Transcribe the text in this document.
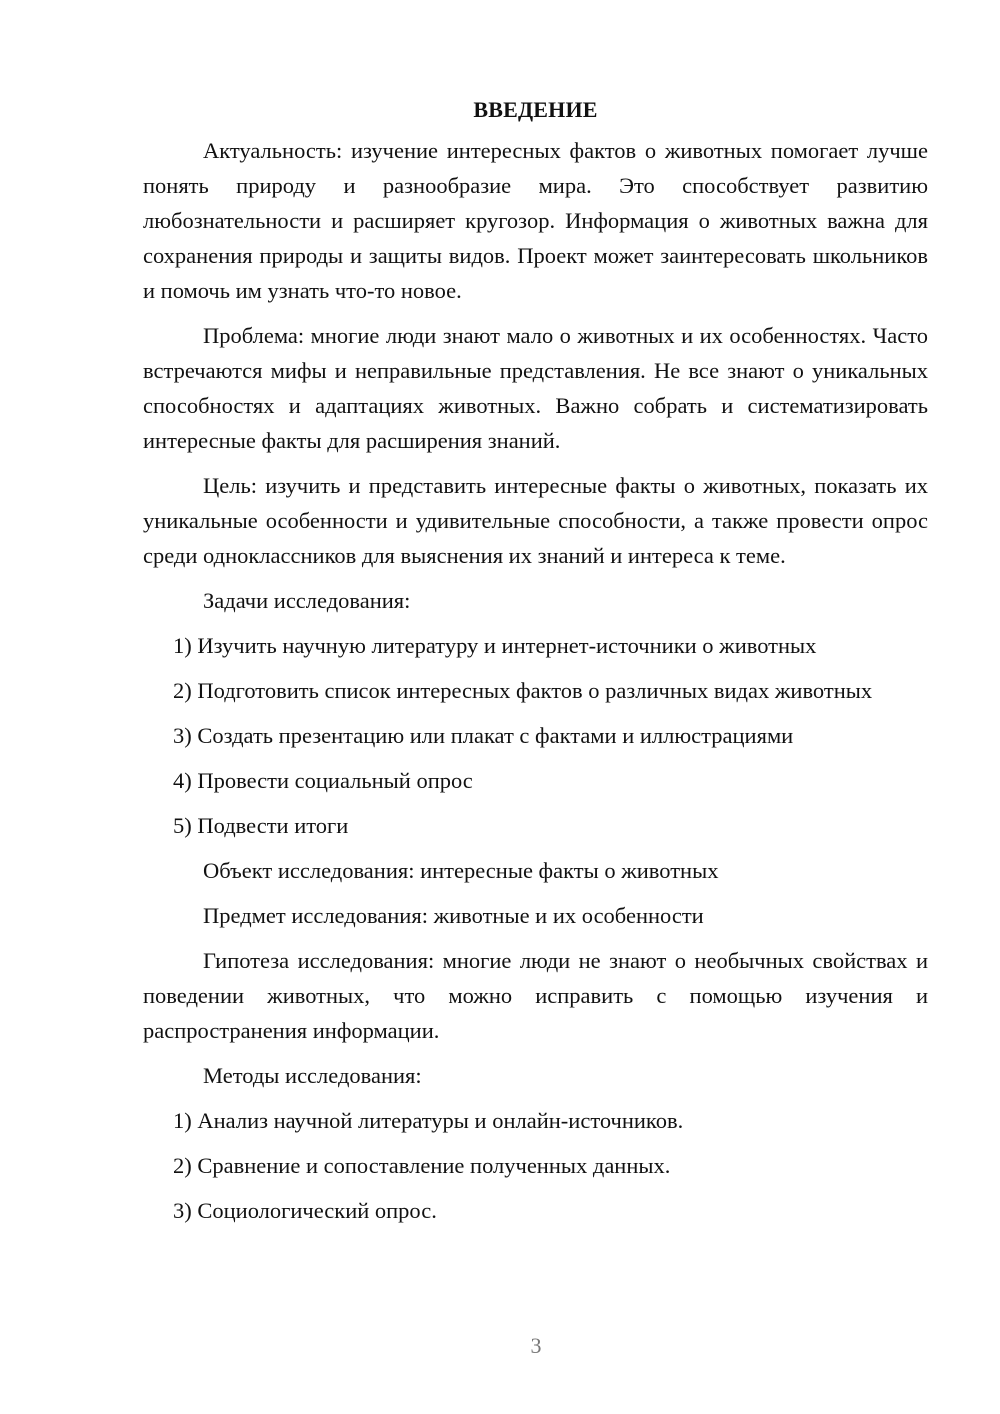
ВВЕДЕНИЕ

Актуальность: изучение интересных фактов о животных помогает лучше понять природу и разнообразие мира. Это способствует развитию любознательности и расширяет кругозор. Информация о животных важна для сохранения природы и защиты видов. Проект может заинтересовать школьников и помочь им узнать что-то новое.

Проблема: многие люди знают мало о животных и их особенностях. Часто встречаются мифы и неправильные представления. Не все знают о уникальных способностях и адаптациях животных. Важно собрать и систематизировать интересные факты для расширения знаний.

Цель: изучить и представить интересные факты о животных, показать их уникальные особенности и удивительные способности, а также провести опрос среди одноклассников для выяснения их знаний и интереса к теме.

Задачи исследования:

1) Изучить научную литературу и интернет-источники о животных

2) Подготовить список интересных фактов о различных видах животных

3) Создать презентацию или плакат с фактами и иллюстрациями

4) Провести социальный опрос

5) Подвести итоги

Объект исследования: интересные факты о животных

Предмет исследования: животные и их особенности

Гипотеза исследования: многие люди не знают о необычных свойствах и поведении животных, что можно исправить с помощью изучения и распространения информации.

Методы исследования:

1) Анализ научной литературы и онлайн-источников.

2) Сравнение и сопоставление полученных данных.

3) Социологический опрос.

3
